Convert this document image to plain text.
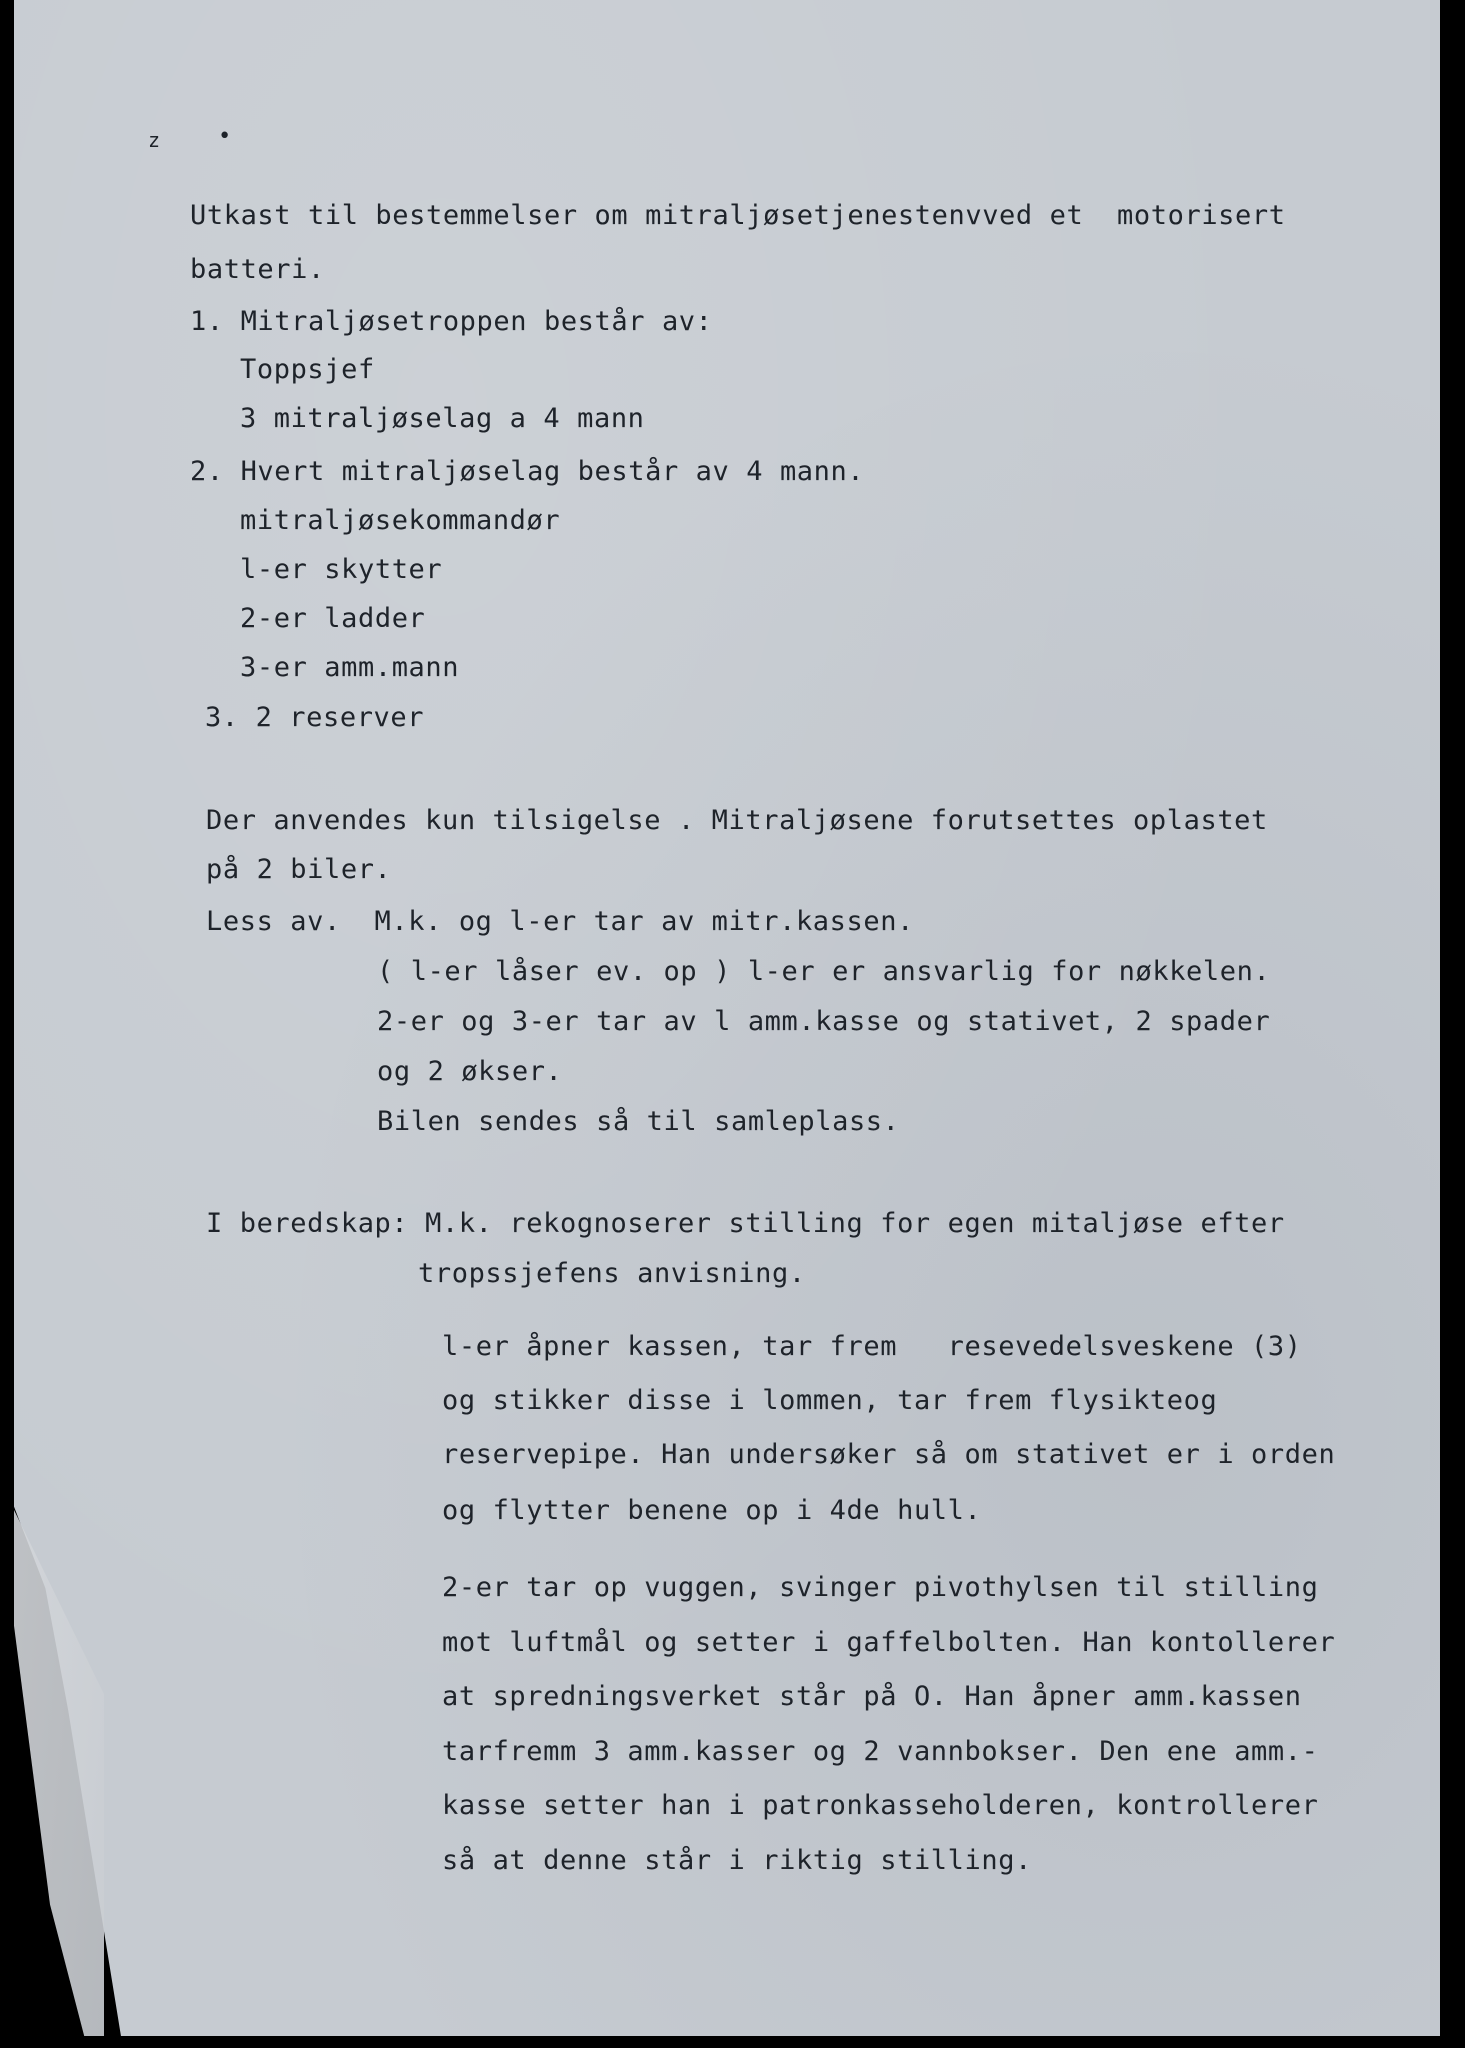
z	•
Utkast til bestemmelser om mitraljøsetjenestenvved et  motorisert
batteri.
1. Mitraljøsetroppen består av:
Toppsjef
3 mitraljøselag a 4 mann
2. Hvert mitraljøselag består av 4 mann.
mitraljøsekommandør
l-er skytter
2-er ladder
3-er amm.mann
3. 2 reserver
Der anvendes kun tilsigelse . Mitraljøsene forutsettes oplastet
på 2 biler.
Less av.  M.k. og l-er tar av mitr.kassen.
( l-er låser ev. op ) l-er er ansvarlig for nøkkelen.
2-er og 3-er tar av l amm.kasse og stativet, 2 spader
og 2 økser.
Bilen sendes så til samleplass.
I beredskap: M.k. rekognoserer stilling for egen mitaljøse efter
tropssjefens anvisning.
l-er åpner kassen, tar frem   resevedelsveskene (3)
og stikker disse i lommen, tar frem flysikteog
reservepipe. Han undersøker så om stativet er i orden
og flytter benene op i 4de hull.
2-er tar op vuggen, svinger pivothylsen til stilling
mot luftmål og setter i gaffelbolten. Han kontollerer
at spredningsverket står på O. Han åpner amm.kassen
tarfremm 3 amm.kasser og 2 vannbokser. Den ene amm.-
kasse setter han i patronkasseholderen, kontrollerer
så at denne står i riktig stilling.
